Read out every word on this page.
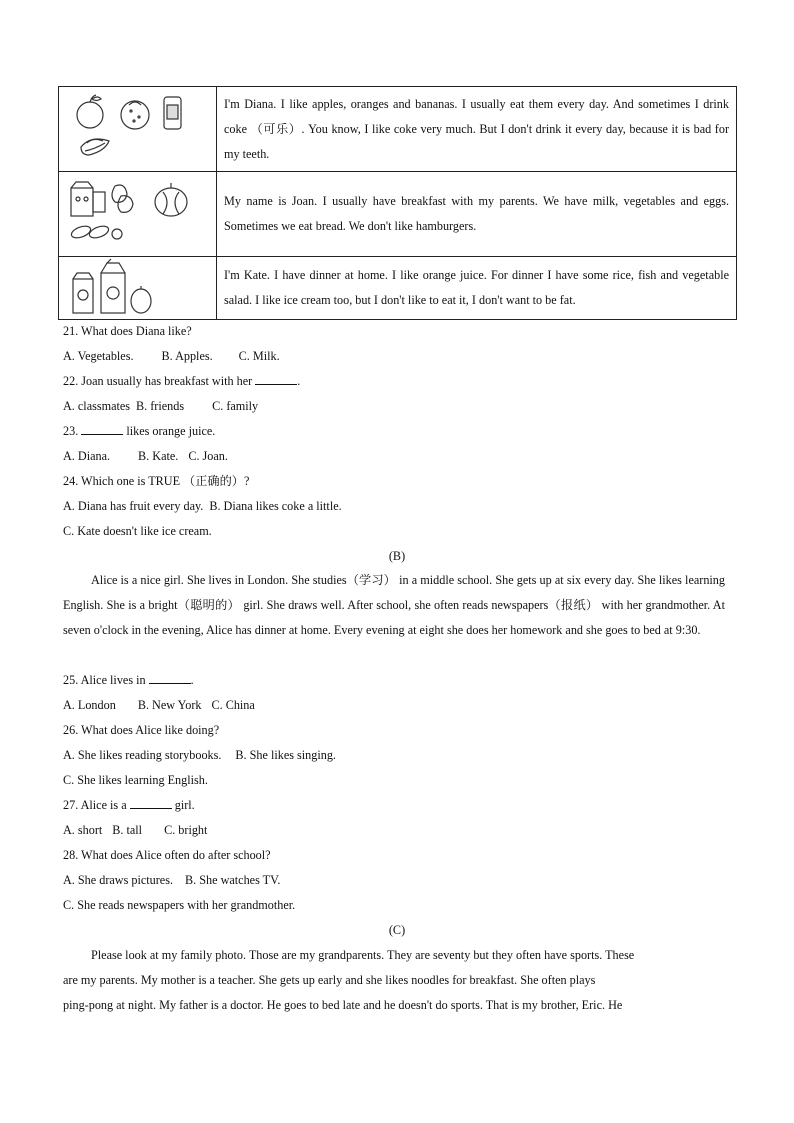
	I'm Diana. I like apples, oranges and bananas. I usually eat them every day. And sometimes I drink coke （可乐）. You know, I like coke very much. But I don't drink it every day, because it is bad for my teeth.

	My name is Joan. I usually have breakfast with my parents. We have milk, vegetables and eggs. Sometimes we eat bread. We don't like hamburgers.

	I'm Kate. I have dinner at home. I like orange juice. For dinner I have some rice, fish and vegetable salad. I like ice cream too, but I don't like to eat it, I don't want to be fat.
21. What does Diana like?
A. Vegetables. B. Apples. C. Milk.
22. Joan usually has breakfast with her	.
A. classmates B. friends C. family
23.	likes orange juice.
A. Diana. B. Kate. C. Joan.
24. Which one is TRUE （正确的）?
A. Diana has fruit every day. B. Diana likes coke a little.
C. Kate doesn't like ice cream.
(B)
Alice is a nice girl. She lives in London. She studies（学习） in a middle school. She gets up at six every day. She likes learning English. She is a bright（聪明的） girl. She draws well. After school, she often reads newspapers（报纸） with her grandmother. At seven o'clock in the evening, Alice has dinner at home. Every evening at eight she does her homework and she goes to bed at 9:30.
25. Alice lives in	.
A. London B. New York C. China
26. What does Alice like doing?
A. She likes reading storybooks. B. She likes singing.
C. She likes learning English.
27. Alice is a	girl.
A. short B. tall C. bright
28. What does Alice often do after school?
A. She draws pictures. B. She watches TV.
C. She reads newspapers with her grandmother.
(C)
Please look at my family photo. Those are my grandparents. They are seventy but they often have sports. These
are my parents. My mother is a teacher. She gets up early and she likes noodles for breakfast. She often plays
ping-pong at night. My father is a doctor. He goes to bed late and he doesn't do sports. That is my brother, Eric. He
